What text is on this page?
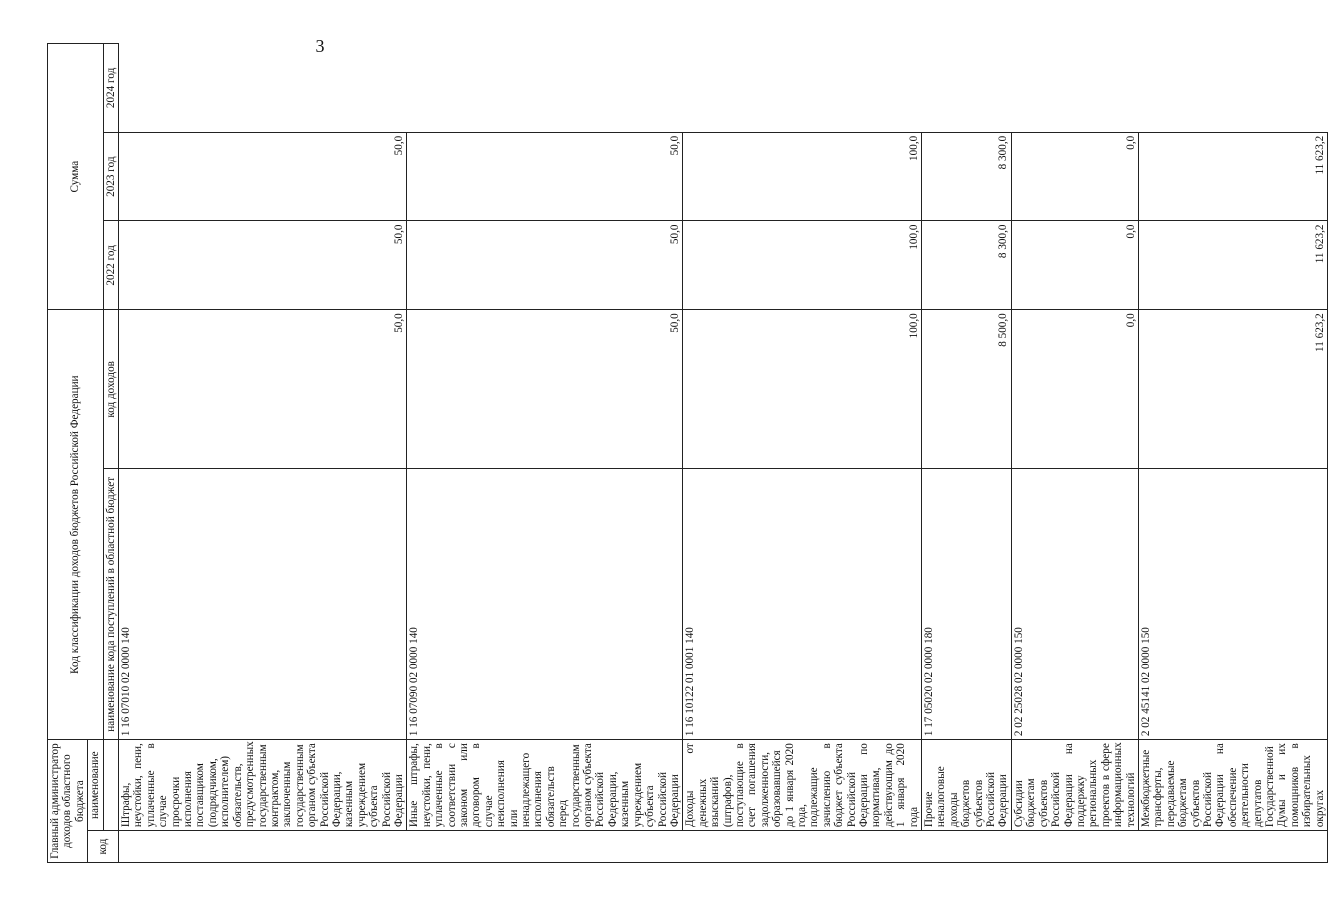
3
Главный администратор доходов областного бюджета		Код классификации доходов бюджетов Российской Федерации		Сумма		
код	наименование					
		наименование кода поступлений в областной бюджет	код доходов	2022 год	2023 год	2024 год
	Штрафы, неустойки, пени, уплаченные в случае просрочки исполнения поставщиком (подрядчиком, исполнителем) обязательств, предусмотренных государственным контрактом, заключенным государственным органом субъекта Российской Федерации, казенным учреждением субъекта Российской Федерации	1 16 07010 02 0000 140	50,0	50,0	50,0	
	Иные штрафы, неустойки, пени, уплаченные в соответствии с законом или договором в случае неисполнения или ненадлежащего исполнения обязательств перед государственным органом субъекта Российской Федерации, казенным учреждением субъекта Российской Федерации	1 16 07090 02 0000 140	50,0	50,0	50,0	
	Доходы от денежных взысканий (штрафов), поступающие в счет погашения задолженности, образовавшейся до 1 января 2020 года, подлежащие зачислению в бюджет субъекта Российской Федерации по нормативам, действующим до 1 января 2020 года	1 16 10122 01 0001 140	100,0	100,0	100,0	
	Прочие неналоговые доходы бюджетов субъектов Российской Федерации	1 17 05020 02 0000 180	8 500,0	8 300,0	8 300,0	
	Субсидии бюджетам субъектов Российской Федерации на поддержку региональных проектов в сфере информационных технологий	2 02 25028 02 0000 150	0,0	0,0	0,0	
	Межбюджетные трансферты, передаваемые бюджетам субъектов Российской Федерации на обеспечение деятельности депутатов Государственной Думы и их помощников в избирательных округах	2 02 45141 02 0000 150	11 623,2	11 623,2	11 623,2	
